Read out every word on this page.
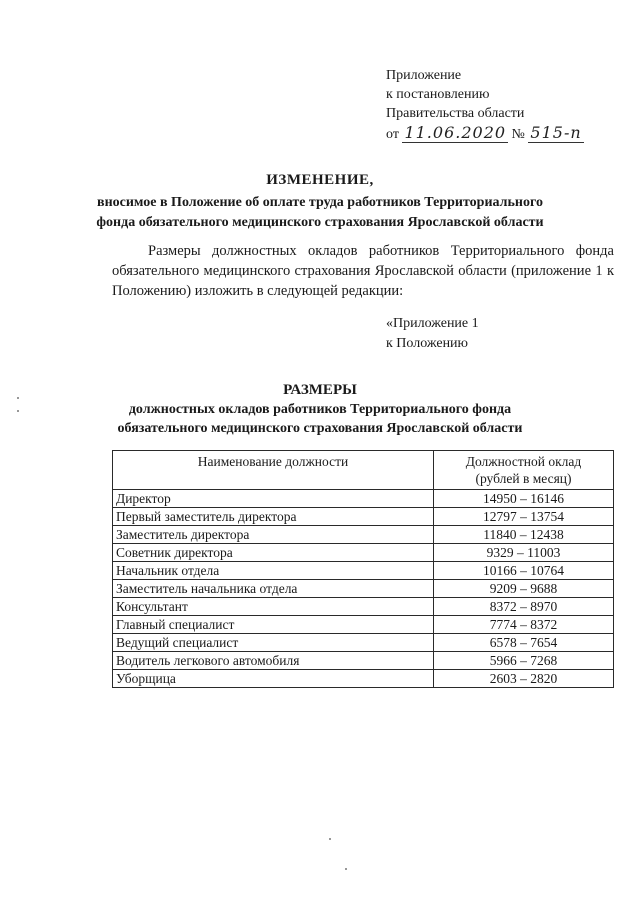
Приложение
к постановлению
Правительства области
от 11.06.2020 № 515-п
ИЗМЕНЕНИЕ,
вносимое в Положение об оплате труда работников Территориального
фонда обязательного медицинского страхования Ярославской области

Размеры должностных окладов работников Территориального фонда обязательного медицинского страхования Ярославской области (приложение 1 к Положению) изложить в следующей редакции:

«Приложение 1
к Положению
РАЗМЕРЫ
должностных окладов работников Территориального фонда
обязательного медицинского страхования Ярославской области
Наименование должности	Должностной оклад
(рублей в месяц)

Директор	14950 – 16146
Первый заместитель директора	12797 – 13754
Заместитель директора	11840 – 12438
Советник директора	9329 – 11003
Начальник отдела	10166 – 10764
Заместитель начальника отдела	9209 – 9688
Консультант	8372 – 8970
Главный специалист	7774 – 8372
Ведущий специалист	6578 – 7654
Водитель легкового автомобиля	5966 – 7268
Уборщица	2603 – 2820
